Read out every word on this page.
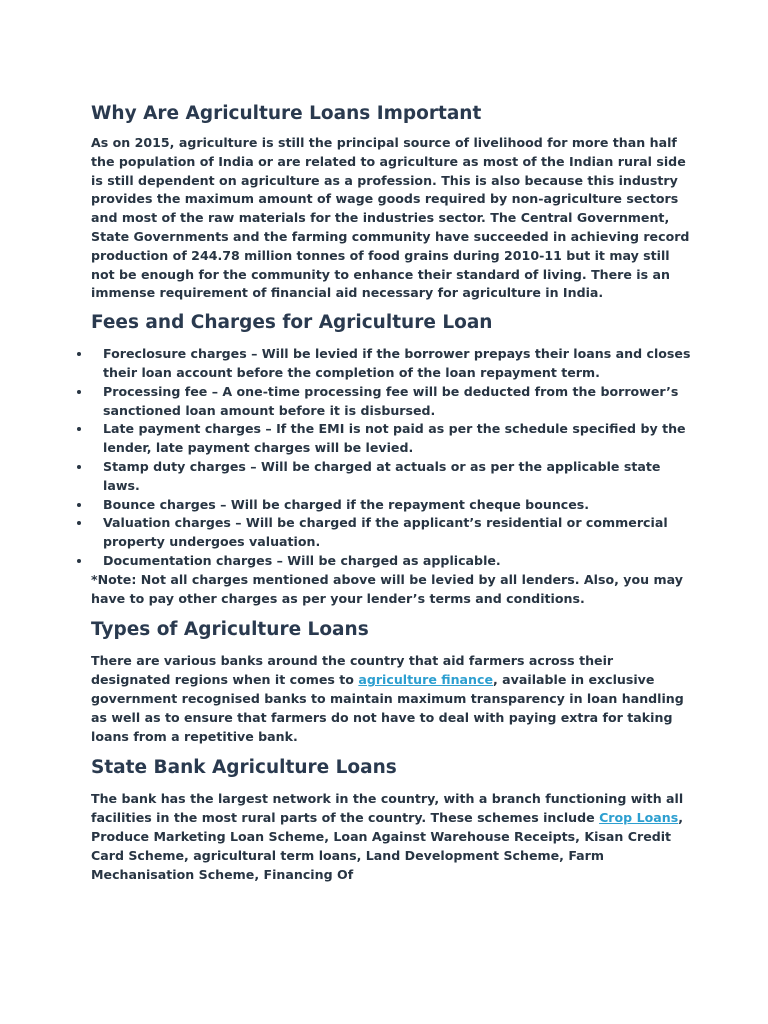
Why Are Agriculture Loans Important

As on 2015, agriculture is still the principal source of livelihood for more than half the population of India or are related to agriculture as most of the Indian rural side is still dependent on agriculture as a profession. This is also because this industry provides the maximum amount of wage goods required by non-agriculture sectors and most of the raw materials for the industries sector. The Central Government, State Governments and the farming community have succeeded in achieving record production of 244.78 million tonnes of food grains during 2010-11 but it may still not be enough for the community to enhance their standard of living. There is an immense requirement of financial aid necessary for agriculture in India.

Fees and Charges for Agriculture Loan
Foreclosure charges – Will be levied if the borrower prepays their loans and closes their loan account before the completion of the loan repayment term.
Processing fee – A one-time processing fee will be deducted from the borrower’s sanctioned loan amount before it is disbursed.
Late payment charges – If the EMI is not paid as per the schedule specified by the lender, late payment charges will be levied.
Stamp duty charges – Will be charged at actuals or as per the applicable state laws.
Bounce charges – Will be charged if the repayment cheque bounces.
Valuation charges – Will be charged if the applicant’s residential or commercial property undergoes valuation.
Documentation charges – Will be charged as applicable.

*Note: Not all charges mentioned above will be levied by all lenders. Also, you may have to pay other charges as per your lender’s terms and conditions.

Types of Agriculture Loans

There are various banks around the country that aid farmers across their designated regions when it comes to agriculture finance, available in exclusive government recognised banks to maintain maximum transparency in loan handling as well as to ensure that farmers do not have to deal with paying extra for taking loans from a repetitive bank.

State Bank Agriculture Loans

The bank has the largest network in the country, with a branch functioning with all facilities in the most rural parts of the country. These schemes include Crop Loans, Produce Marketing Loan Scheme, Loan Against Warehouse Receipts, Kisan Credit Card Scheme, agricultural term loans, Land Development Scheme, Farm Mechanisation Scheme, Financing Of
